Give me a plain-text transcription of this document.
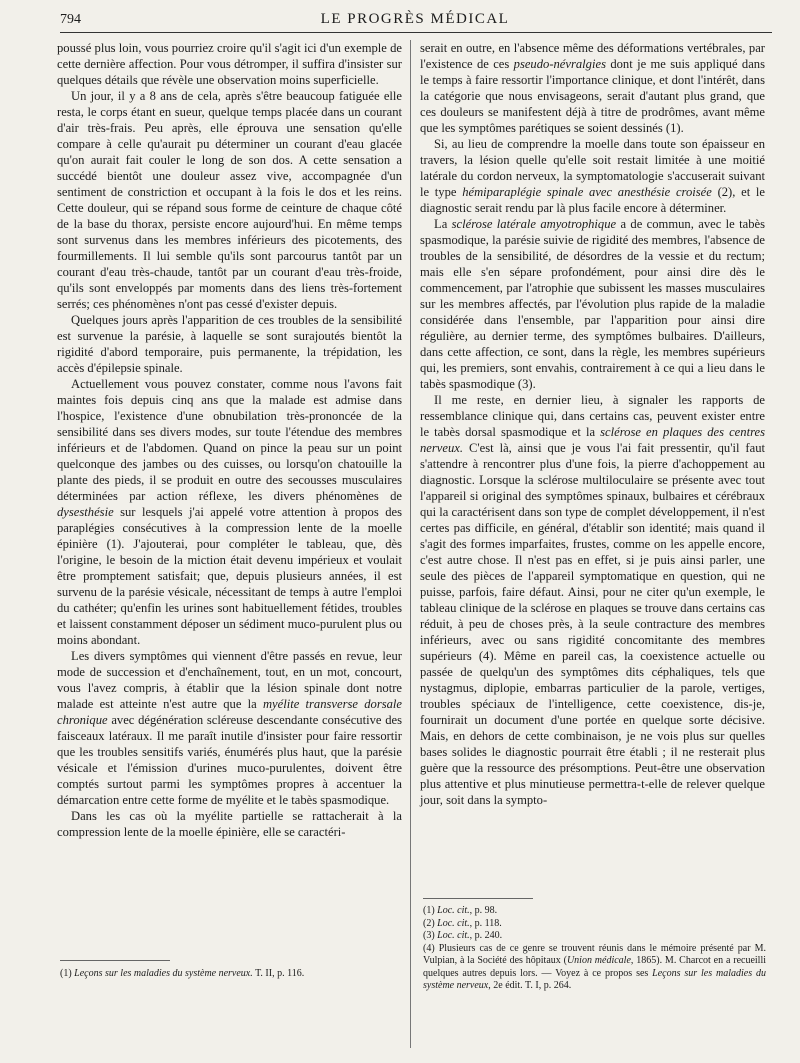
794	LE PROGRÈS MÉDICAL

poussé plus loin, vous pourriez croire qu'il s'agit ici d'un exemple de cette dernière affection. Pour vous détromper, il suffira d'insister sur quelques détails que révèle une observation moins superficielle.

Un jour, il y a 8 ans de cela, après s'être beaucoup fatiguée elle resta, le corps étant en sueur, quelque temps placée dans un courant d'air très-frais. Peu après, elle éprouva une sensation qu'elle compare à celle qu'aurait pu déterminer un courant d'eau glacée qu'on aurait fait couler le long de son dos. A cette sensation a succédé bientôt une douleur assez vive, accompagnée d'un sentiment de constriction et occupant à la fois le dos et les reins. Cette douleur, qui se répand sous forme de ceinture de chaque côté de la base du thorax, persiste encore aujourd'hui. En même temps sont survenus dans les membres inférieurs des picotements, des fourmillements. Il lui semble qu'ils sont parcourus tantôt par un courant d'eau très-chaude, tantôt par un courant d'eau très-froide, qu'ils sont enveloppés par moments dans des liens très-fortement serrés; ces phénomènes n'ont pas cessé d'exister depuis.

Quelques jours après l'apparition de ces troubles de la sensibilité est survenue la parésie, à laquelle se sont surajoutés bientôt la rigidité d'abord temporaire, puis permanente, la trépidation, les accès d'épilepsie spinale.

Actuellement vous pouvez constater, comme nous l'avons fait maintes fois depuis cinq ans que la malade est admise dans l'hospice, l'existence d'une obnubilation très-prononcée de la sensibilité dans ses divers modes, sur toute l'étendue des membres inférieurs et de l'abdomen. Quand on pince la peau sur un point quelconque des jambes ou des cuisses, ou lorsqu'on chatouille la plante des pieds, il se produit en outre des secousses musculaires déterminées par action réflexe, les divers phénomènes de dysesthésie sur lesquels j'ai appelé votre attention à propos des paraplégies consécutives à la compression lente de la moelle épinière (1). J'ajouterai, pour compléter le tableau, que, dès l'origine, le besoin de la miction était devenu impérieux et voulait être promptement satisfait; que, depuis plusieurs années, il est survenu de la parésie vésicale, nécessitant de temps à autre l'emploi du cathéter; qu'enfin les urines sont habituellement fétides, troubles et laissent constamment déposer un sédiment muco-purulent plus ou moins abondant.

Les divers symptômes qui viennent d'être passés en revue, leur mode de succession et d'enchaînement, tout, en un mot, concourt, vous l'avez compris, à établir que la lésion spinale dont notre malade est atteinte n'est autre que la myélite transverse dorsale chronique avec dégénération scléreuse descendante consécutive des faisceaux latéraux. Il me paraît inutile d'insister pour faire ressortir que les troubles sensitifs variés, énumérés plus haut, que la parésie vésicale et l'émission d'urines muco-purulentes, doivent être comptés surtout parmi les symptômes propres à accentuer la démarcation entre cette forme de myélite et le tabès spasmodique.

Dans les cas où la myélite partielle se rattacherait à la compression lente de la moelle épinière, elle se caractéri-

serait en outre, en l'absence même des déformations vertébrales, par l'existence de ces pseudo-névralgies dont je me suis appliqué dans le temps à faire ressortir l'importance clinique, et dont l'intérêt, dans la catégorie que nous envisageons, serait d'autant plus grand, que ces douleurs se manifestent déjà à titre de prodrômes, avant même que les symptômes parétiques se soient dessinés (1).

Si, au lieu de comprendre la moelle dans toute son épaisseur en travers, la lésion quelle qu'elle soit restait limitée à une moitié latérale du cordon nerveux, la symptomatologie s'accuserait suivant le type hémiparaplégie spinale avec anesthésie croisée (2), et le diagnostic serait rendu par là plus facile encore à déterminer.

La sclérose latérale amyotrophique a de commun, avec le tabès spasmodique, la parésie suivie de rigidité des membres, l'absence de troubles de la sensibilité, de désordres de la vessie et du rectum; mais elle s'en sépare profondément, pour ainsi dire dès le commencement, par l'atrophie que subissent les masses musculaires sur les membres affectés, par l'évolution plus rapide de la maladie considérée dans l'ensemble, par l'apparition pour ainsi dire régulière, au dernier terme, des symptômes bulbaires. D'ailleurs, dans cette affection, ce sont, dans la règle, les membres supérieurs qui, les premiers, sont envahis, contrairement à ce qui a lieu dans le tabès spasmodique (3).

Il me reste, en dernier lieu, à signaler les rapports de ressemblance clinique qui, dans certains cas, peuvent exister entre le tabès dorsal spasmodique et la sclérose en plaques des centres nerveux. C'est là, ainsi que je vous l'ai fait pressentir, qu'il faut s'attendre à rencontrer plus d'une fois, la pierre d'achoppement au diagnostic. Lorsque la sclérose multiloculaire se présente avec tout l'appareil si original des symptômes spinaux, bulbaires et cérébraux qui la caractérisent dans son type de complet développement, il n'est certes pas difficile, en général, d'établir son identité; mais quand il s'agit des formes imparfaites, frustes, comme on les appelle encore, c'est autre chose. Il n'est pas en effet, si je puis ainsi parler, une seule des pièces de l'appareil symptomatique en question, qui ne puisse, parfois, faire défaut. Ainsi, pour ne citer qu'un exemple, le tableau clinique de la sclérose en plaques se trouve dans certains cas réduit, à peu de choses près, à la seule contracture des membres inférieurs, avec ou sans rigidité concomitante des membres supérieurs (4). Même en pareil cas, la coexistence actuelle ou passée de quelqu'un des symptômes dits céphaliques, tels que nystagmus, diplopie, embarras particulier de la parole, vertiges, troubles spéciaux de l'intelligence, cette coexistence, dis-je, fournirait un document d'une portée en quelque sorte décisive. Mais, en dehors de cette combinaison, je ne vois plus sur quelles bases solides le diagnostic pourrait être établi ; il ne resterait plus guère que la ressource des présomptions. Peut-être une observation plus attentive et plus minutieuse permettra-t-elle de relever quelque jour, soit dans la sympto-

(1) Leçons sur les maladies du système nerveux. T. II, p. 116.
(1) Loc. cit., p. 98.
(2) Loc. cit., p. 118.
(3) Loc. cit., p. 240.
(4) Plusieurs cas de ce genre se trouvent réunis dans le mémoire présenté par M. Vulpian, à la Société des hôpitaux (Union médicale, 1865). M. Charcot en a recueilli quelques autres depuis lors. — Voyez à ce propos ses Leçons sur les maladies du système nerveux, 2e édit. T. I, p. 264.
